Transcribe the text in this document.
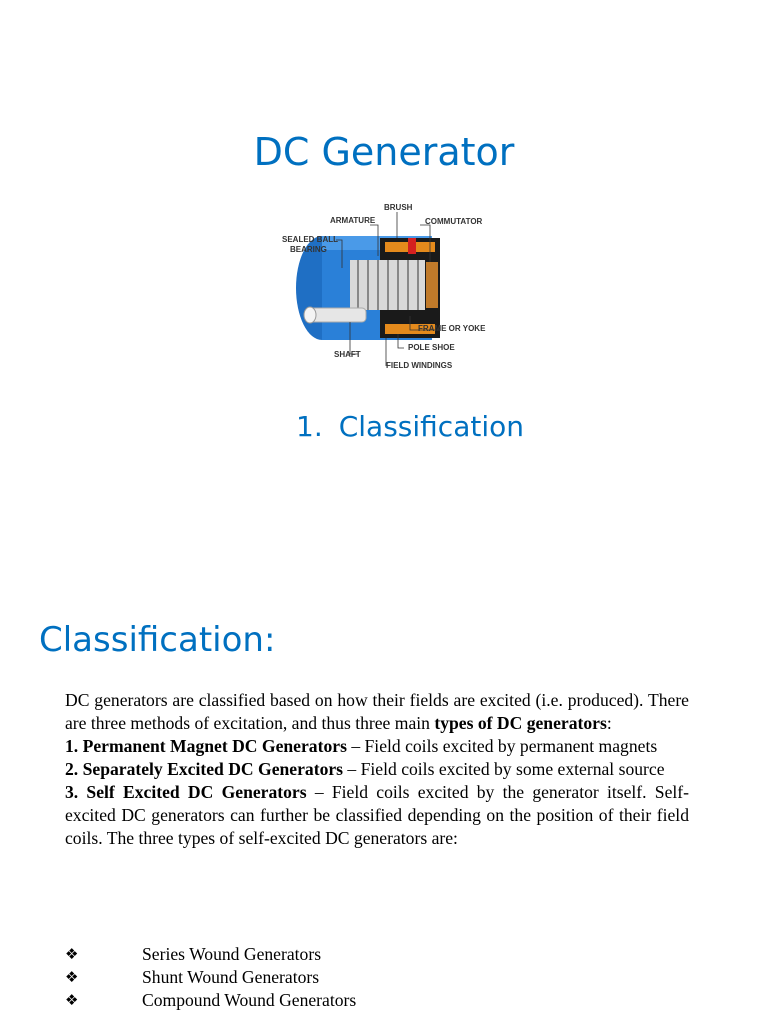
DC Generator
BRUSH
ARMATURE	COMMUTATOR
SEALED BALL
BEARING
FRAME OR YOKE
POLE SHOE
SHAFT
FIELD WINDINGS
1. Classification
Classification:

DC generators are classified based on how their fields are excited (i.e. produced). There are three methods of excitation, and thus three main types of DC generators:

1. Permanent Magnet DC Generators – Field coils excited by permanent magnets

2. Separately Excited DC Generators – Field coils excited by some external source

3. Self Excited DC Generators – Field coils excited by the generator itself. Self-excited DC generators can further be classified depending on the position of their field coils. The three types of self-excited DC generators are:

❖	Series Wound Generators
❖	Shunt Wound Generators
❖	Compound Wound Generators
